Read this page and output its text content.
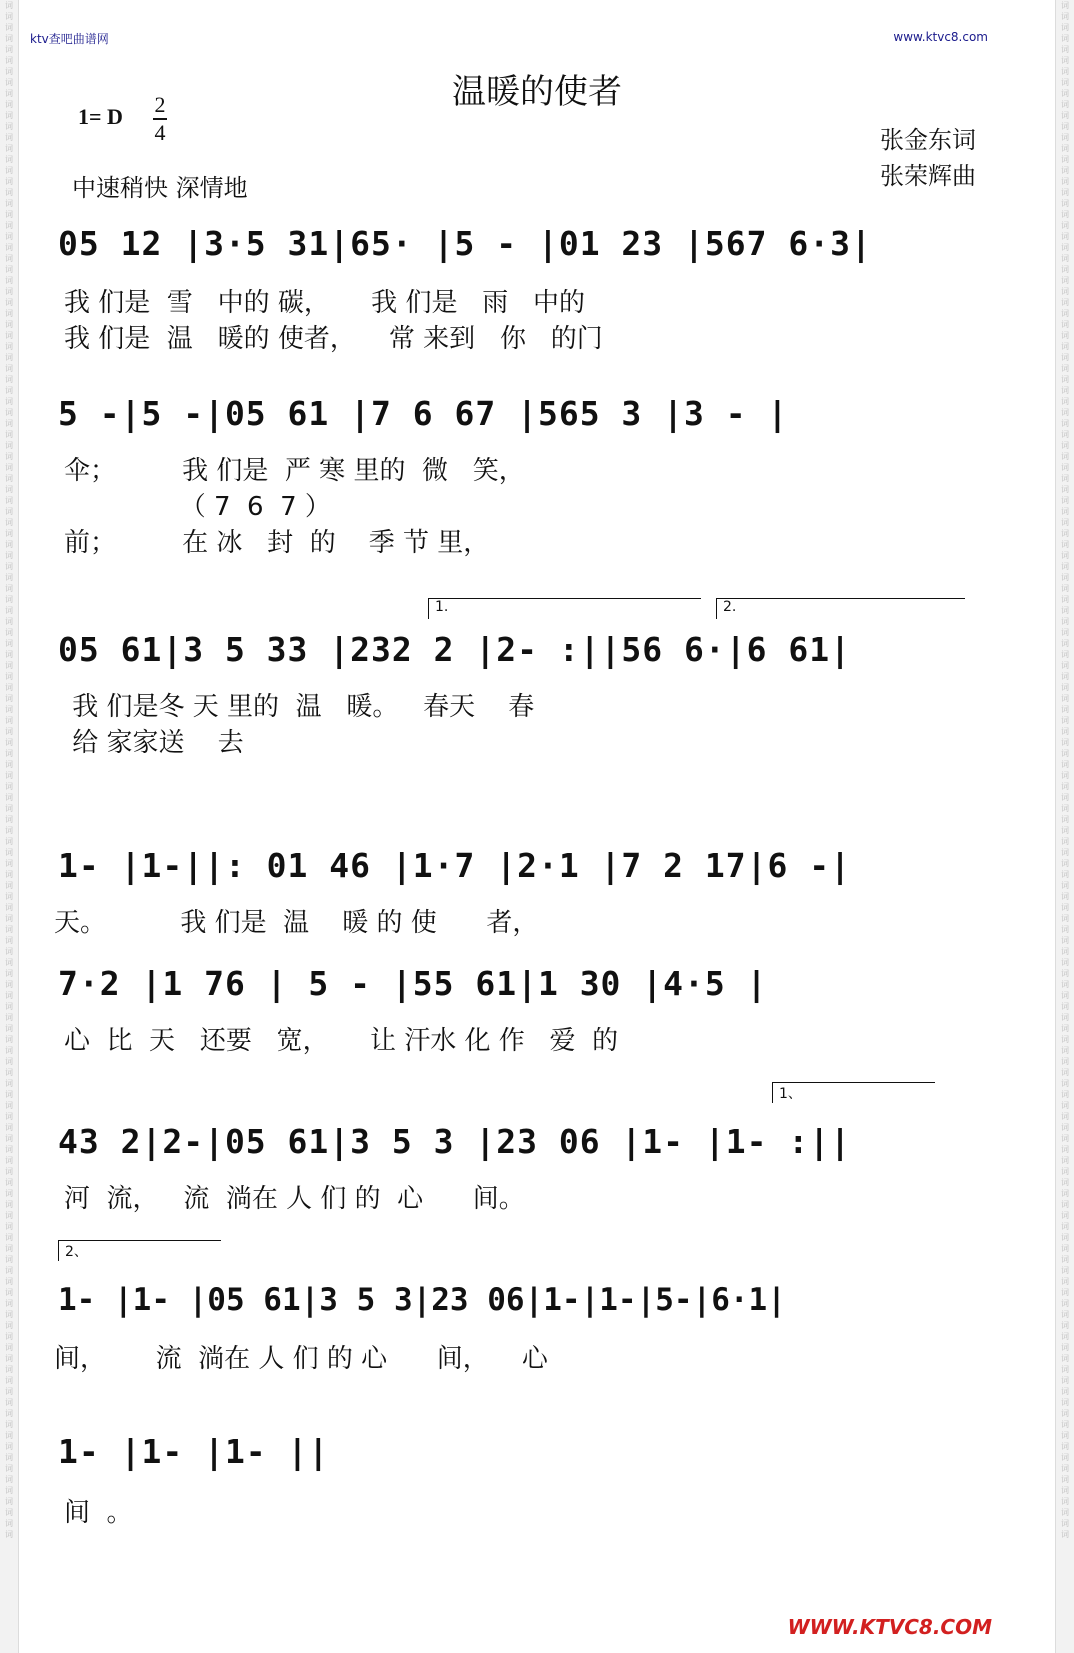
词
词
词
词
词
词
词
词
词
词
词
词
词
词
词
词
词
词
词
词
词
词
词
词
词
词
词
词
词
词
词
词
词
词
词
词
词
词
词
词
词
词
词
词
词
词
词
词
词
词
词
词
词
词
词
词
词
词
词
词
词
词
词
词
词
词
词
词
词
词
词
词
词
词
词
词
词
词
词
词
词
词
词
词
词
词
词
词
词
词
词
词
词
词
词
词
词
词
词
词
词
词
词
词
词
词
词
词
词
词
词
词
词
词
词
词
词
词
词
词
词
词
词
词
词
词
词
词
词
词
词
词
词
词
词
词
词
词
词
词
词
词
词
词
词
词
词
词
词
词
词
词
词
词
词
词
词
词
词
词
词
词
词
词
词
词
词
词
词
词
词
词
词
词
词
词
词
词
词
词
词
词
词
词
词
词
词
词
词
词
词
词
词
词
词
词
词
词
词
词
词
词
词
词
词
词
词
词
词
词
词
词
词
词
词
词
词
词
词
词
词
词
词
词
词
词
词
词
词
词
词
词
词
词
词
词
词
词
词
词
词
词
词
词
词
词
词
词
词
词
词
词
词
词
词
词
词
词
词
词
词
词
词
词
词
词
词
词
词
词
词
词
词
词
词
词
词
词
词
词
ktv查吧曲谱网	www.ktvc8.com
温暖的使者
1= D 2
4	张金东词
张荣辉曲
中速稍快 深情地
05 12 |3·5 31|65· |5 - |01 23 |567 6·3|
我 们是  雪   中的 碳，     我 们是   雨   中的
我 们是  温   暖的 使者，    常 来到   你   的门
5 -|5 -|05 61 |7 6 67 |565 3 |3 - |
伞；        我 们是  严 寒 里的  微   笑，
（ 7  6  7 ）
前；        在 冰   封  的    季 节 里，
1.	2.
05 61|3 5 33 |232 2 |2- :||56 6·|6 61|
我 们是冬 天 里的  温   暖。   春天    春
给 家家送    去
1- |1-||: 01 46 |1·7 |2·1 |7 2 17|6 -|
天。         我 们是  温    暖 的 使      者，
7·2 |1 76 | 5 - |55 61|1 30 |4·5 |
心  比  天   还要   宽，     让 汗水 化 作   爱  的
1、
43 2|2-|05 61|3 5 3 |23 06 |1- |1- :||
河  流，   流  淌在 人 们 的  心      间。
2、
1- |1- |05 61|3 5 3|23 06|1-|1-|5-|6·1|
间，      流  淌在 人 们 的 心      间，    心
1- |1- |1- ||
间  。
WWW.KTVC8.COM
